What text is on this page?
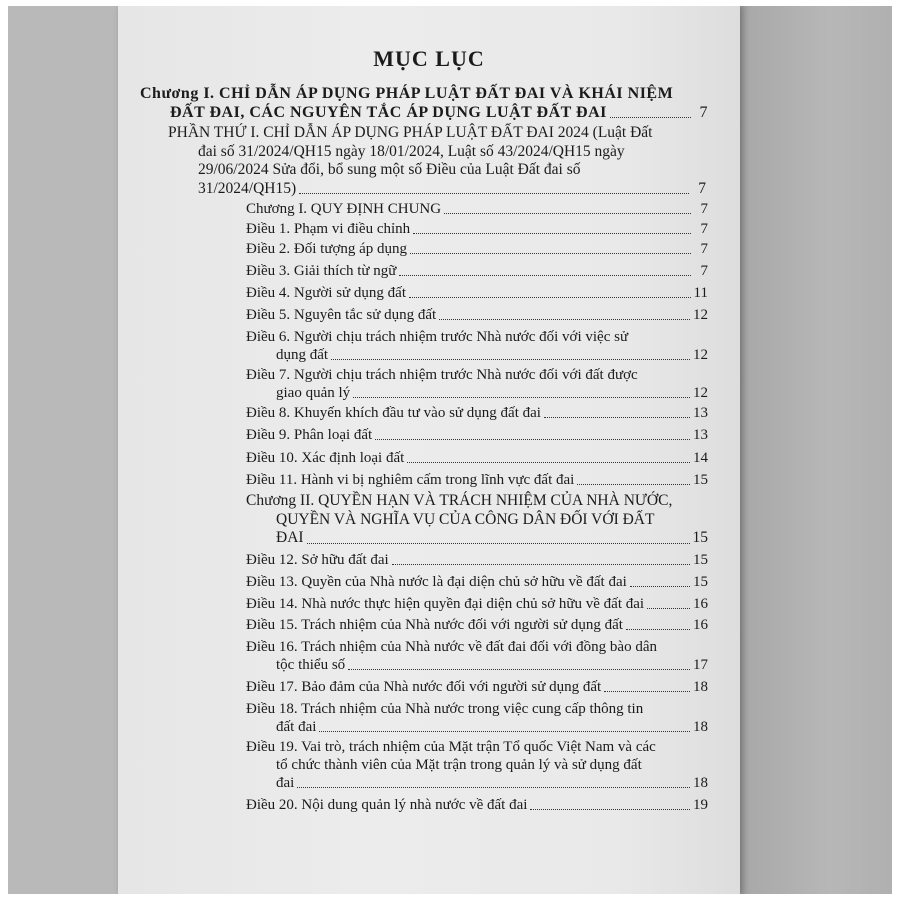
MỤC LỤC
Chương I. CHỈ DẪN ÁP DỤNG PHÁP LUẬT ĐẤT ĐAI VÀ KHÁI NIỆM
ĐẤT ĐAI, CÁC NGUYÊN TẮC ÁP DỤNG LUẬT ĐẤT ĐAI	7
PHẦN THỨ I. CHỈ DẪN ÁP DỤNG PHÁP LUẬT ĐẤT ĐAI 2024 (Luật Đất
đai số 31/2024/QH15 ngày 18/01/2024, Luật số 43/2024/QH15 ngày
29/06/2024 Sửa đổi, bổ sung một số Điều của Luật Đất đai số
31/2024/QH15)	7
Chương I. QUY ĐỊNH CHUNG	7
Điều 1. Phạm vi điều chỉnh	7
Điều 2. Đối tượng áp dụng	7
Điều 3. Giải thích từ ngữ	7
Điều 4. Người sử dụng đất	11
Điều 5. Nguyên tắc sử dụng đất	12
Điều 6. Người chịu trách nhiệm trước Nhà nước đối với việc sử
dụng đất	12
Điều 7. Người chịu trách nhiệm trước Nhà nước đối với đất được
giao quản lý	12
Điều 8. Khuyến khích đầu tư vào sử dụng đất đai	13
Điều 9. Phân loại đất	13
Điều 10. Xác định loại đất	14
Điều 11. Hành vi bị nghiêm cấm trong lĩnh vực đất đai	15
Chương II. QUYỀN HẠN VÀ TRÁCH NHIỆM CỦA NHÀ NƯỚC,
QUYỀN VÀ NGHĨA VỤ CỦA CÔNG DÂN ĐỐI VỚI ĐẤT
ĐAI	15
Điều 12. Sở hữu đất đai	15
Điều 13. Quyền của Nhà nước là đại diện chủ sở hữu về đất đai	15
Điều 14. Nhà nước thực hiện quyền đại diện chủ sở hữu về đất đai	16
Điều 15. Trách nhiệm của Nhà nước đối với người sử dụng đất	16
Điều 16. Trách nhiệm của Nhà nước về đất đai đối với đồng bào dân
tộc thiểu số	17
Điều 17. Bảo đảm của Nhà nước đối với người sử dụng đất	18
Điều 18. Trách nhiệm của Nhà nước trong việc cung cấp thông tin
đất đai	18
Điều 19. Vai trò, trách nhiệm của Mặt trận Tổ quốc Việt Nam và các
tổ chức thành viên của Mặt trận trong quản lý và sử dụng đất
đai	18
Điều 20. Nội dung quản lý nhà nước về đất đai	19
